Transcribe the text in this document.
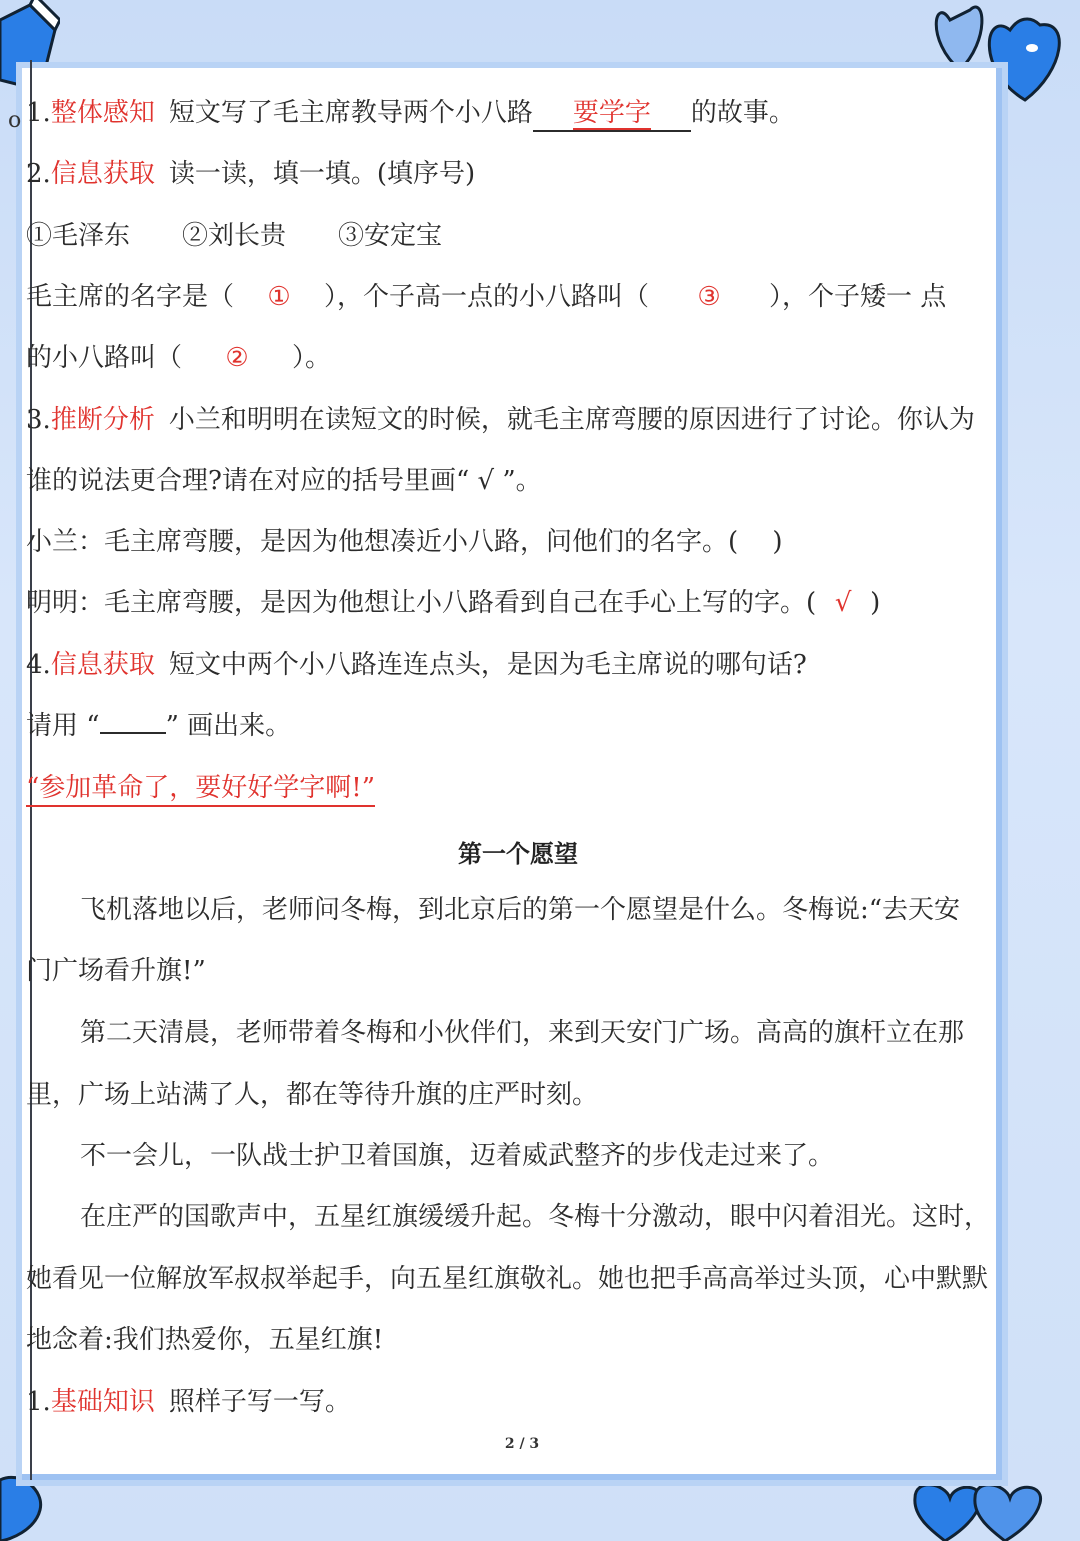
o 1.整体感知 短文写了毛主席教导两个小八路 要学字 的故事。
2.信息获取 读一读，填一填。(填序号)
①毛泽东　　②刘长贵　　③安定宝
毛主席的名字是（ ① ），个子高一点的小八路叫（ ③ ），个子矮一 点
的小八路叫（ ② ）。
3.推断分析 小兰和明明在读短文的时候，就毛主席弯腰的原因进行了讨论。你认为
谁的说法更合理?请在对应的括号里画“ √ ”。
小兰：毛主席弯腰，是因为他想凑近小八路，问他们的名字。(　 )
明明：毛主席弯腰，是因为他想让小八路看到自己在手心上写的字。( √ )
4.信息获取 短文中两个小八路连连点头，是因为毛主席说的哪句话?
请用 “	” 画出来。
“参加革命了，要好好学字啊!”
第一个愿望
飞机落地以后，老师问冬梅，到北京后的第一个愿望是什么。冬梅说:“去天安
门广场看升旗!”
第二天清晨，老师带着冬梅和小伙伴们，来到天安门广场。高高的旗杆立在那
里，广场上站满了人，都在等待升旗的庄严时刻。
不一会儿，一队战士护卫着国旗，迈着威武整齐的步伐走过来了。
在庄严的国歌声中，五星红旗缓缓升起。冬梅十分激动，眼中闪着泪光。这时，
她看见一位解放军叔叔举起手，向五星红旗敬礼。她也把手高高举过头顶，心中默默
地念着:我们热爱你，五星红旗!
1.基础知识 照样子写一写。
2 / 3
